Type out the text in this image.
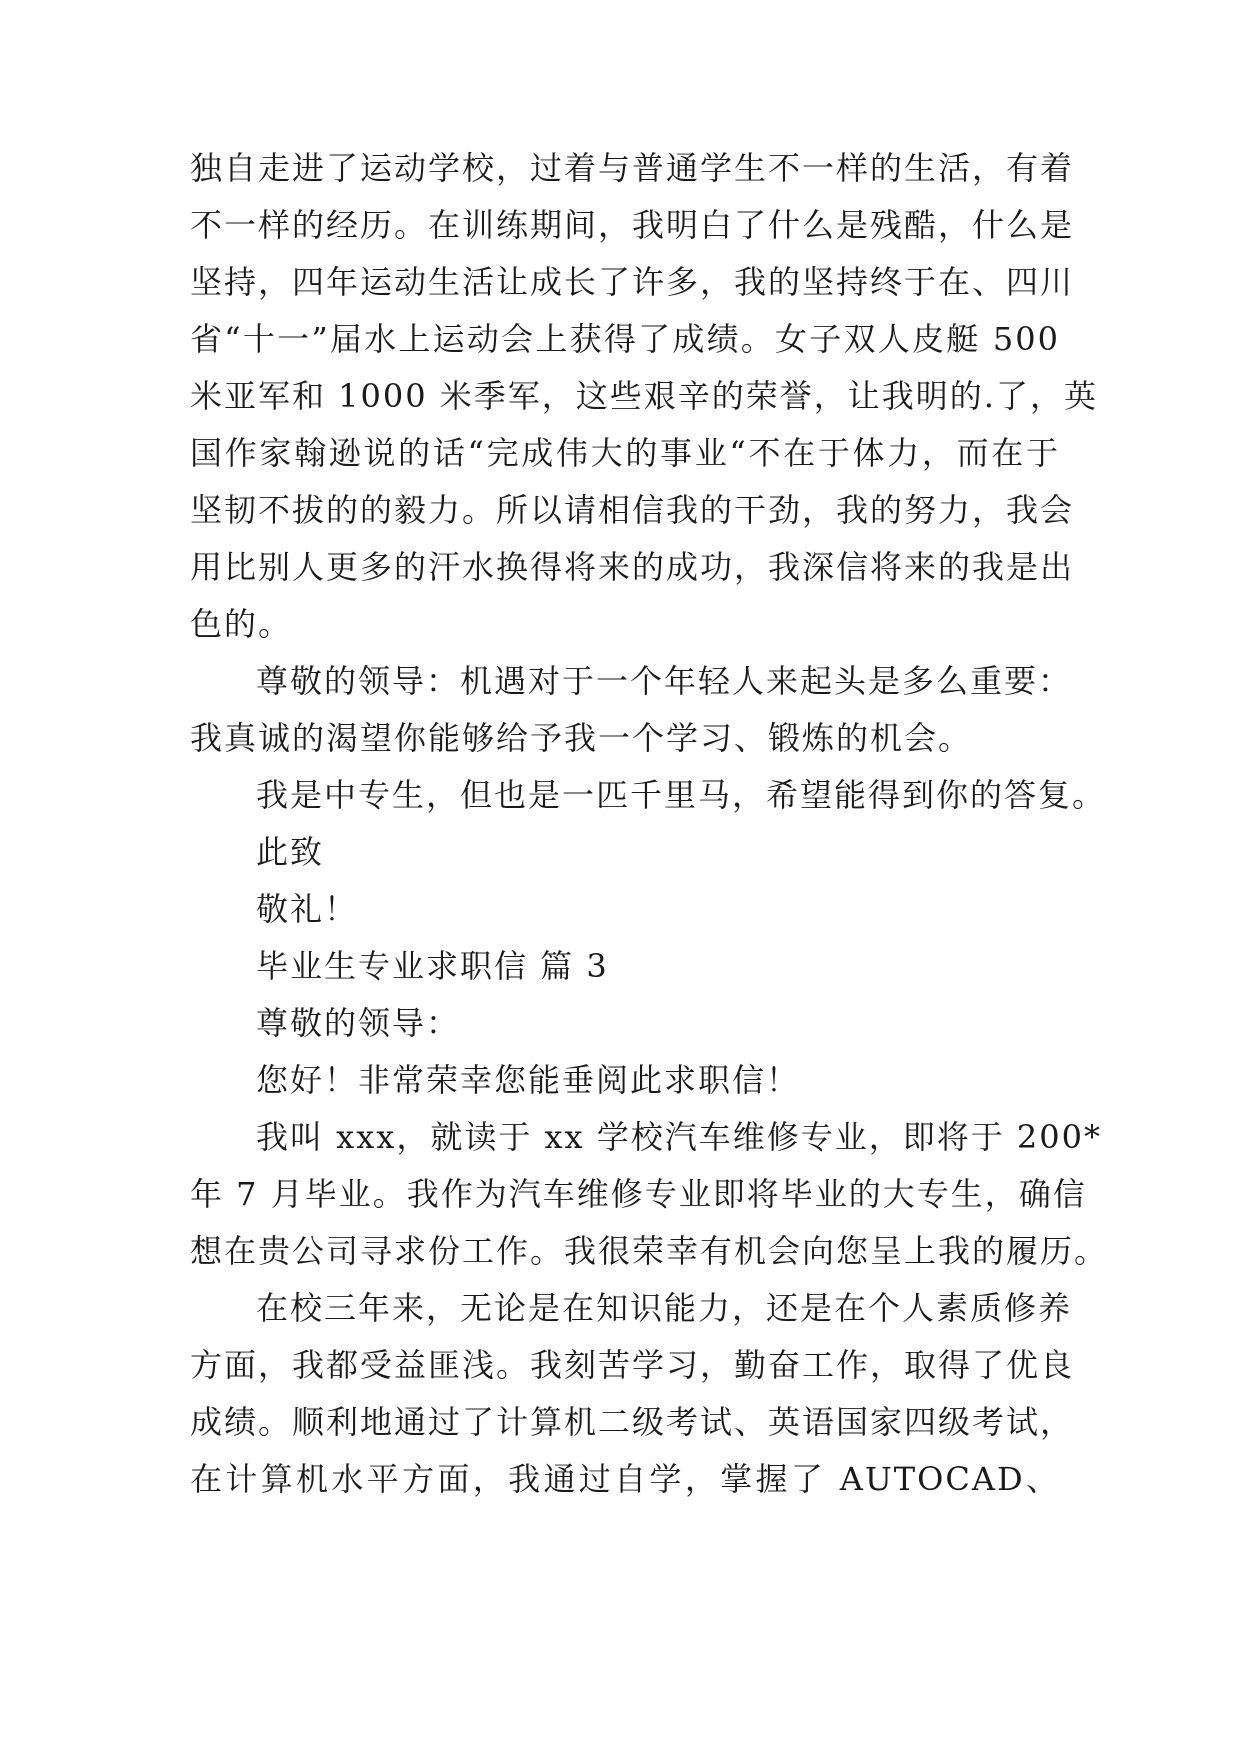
独自走进了运动学校，过着与普通学生不一样的生活，有着
不一样的经历。在训练期间，我明白了什么是残酷，什么是
坚持，四年运动生活让成长了许多，我的坚持终于在、四川
省“十一”届水上运动会上获得了成绩。女子双人皮艇 500
米亚军和 1000 米季军，这些艰辛的荣誉，让我明的.了，英
国作家翰逊说的话“完成伟大的事业“不在于体力，而在于
坚韧不拔的的毅力。所以请相信我的干劲，我的努力，我会
用比别人更多的汗水换得将来的成功，我深信将来的我是出
色的。
尊敬的领导：机遇对于一个年轻人来起头是多么重要：
我真诚的渴望你能够给予我一个学习、锻炼的机会。
我是中专生，但也是一匹千里马，希望能得到你的答复。
此致
敬礼！
毕业生专业求职信 篇 3
尊敬的领导：
您好！非常荣幸您能垂阅此求职信！
我叫 xxx，就读于 xx 学校汽车维修专业，即将于 200*
年 7 月毕业。我作为汽车维修专业即将毕业的大专生，确信
想在贵公司寻求份工作。我很荣幸有机会向您呈上我的履历。
在校三年来，无论是在知识能力，还是在个人素质修养
方面，我都受益匪浅。我刻苦学习，勤奋工作，取得了优良
成绩。顺利地通过了计算机二级考试、英语国家四级考试，
在计算机水平方面，我通过自学，掌握了 AUTOCAD、
